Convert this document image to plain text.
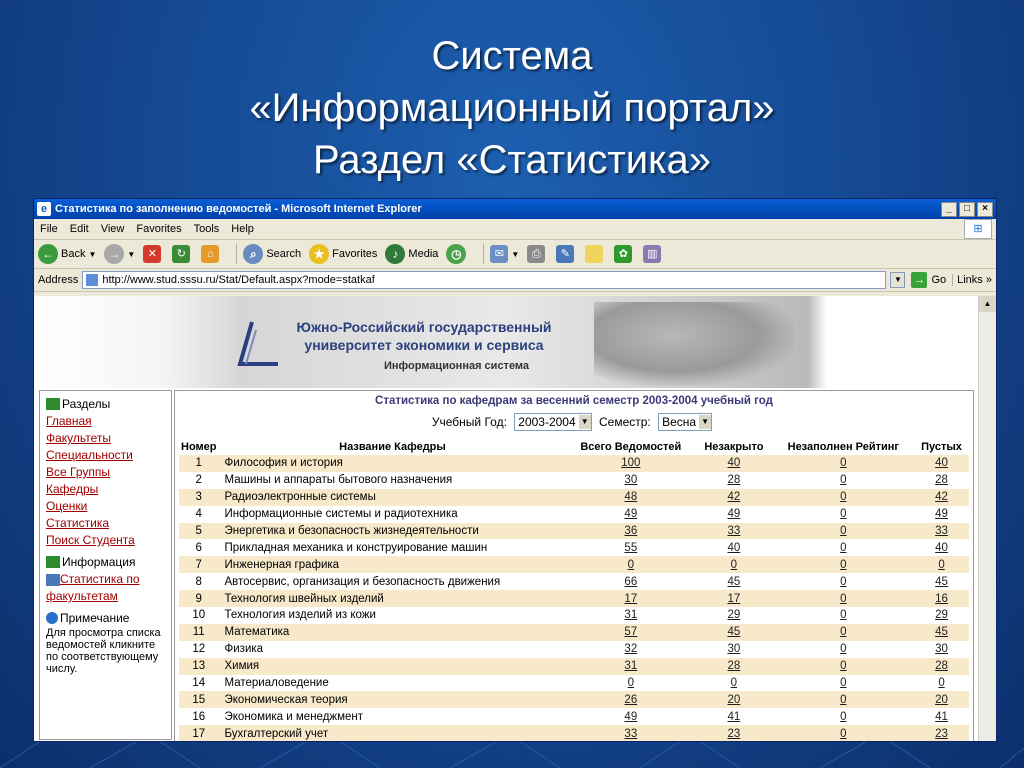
Система
«Информационный портал»
Раздел «Статистика»
e Статистика по заполнению ведомостей - Microsoft Internet Explorer	_	□	×
File	Edit	View	Favorites	Tools	Help	⊞
← Back ▼	→ ▼	✕	↻	⌂	⌕ Search	★ Favorites	♪ Media	◷	✉ ▼	⎙	✎	✿	▥
Address http://www.stud.sssu.ru/Stat/Default.aspx?mode=statkaf	▼	→ Go	Links »
Южно-Российский государственный
университет экономики и сервиса
Информационная система
Разделы
Главная
Факультеты
Специальности
Все Группы
Кафедры
Оценки
Статистика
Поиск Студента
Информация
Статистика по
факультетам
Примечание
Для просмотра списка ведомостей кликните по соответствующему числу.
Статистика по кафедрам за весенний семестр 2003-2004 учебный год
Учебный Год: 2003-2004 ▼ Семестр: Весна ▼
Номер	Название Кафедры	Всего Ведомостей	Незакрыто	Незаполнен Рейтинг	Пустых
1	Философия и история	100	40	0	40
2	Машины и аппараты бытового назначения	30	28	0	28
3	Радиоэлектронные системы	48	42	0	42
4	Информационные системы и радиотехника	49	49	0	49
5	Энергетика и безопасность жизнедеятельности	36	33	0	33
6	Прикладная механика и конструирование машин	55	40	0	40
7	Инженерная графика	0	0	0	0
8	Автосервис, организация и безопасность движения	66	45	0	45
9	Технология швейных изделий	17	17	0	16
10	Технология изделий из кожи	31	29	0	29
11	Математика	57	45	0	45
12	Физика	32	30	0	30
13	Химия	31	28	0	28
14	Материаловедение	0	0	0	0
15	Экономическая теория	26	20	0	20
16	Экономика и менеджмент	49	41	0	41
17	Бухгалтерский учет	33	23	0	23
▲
